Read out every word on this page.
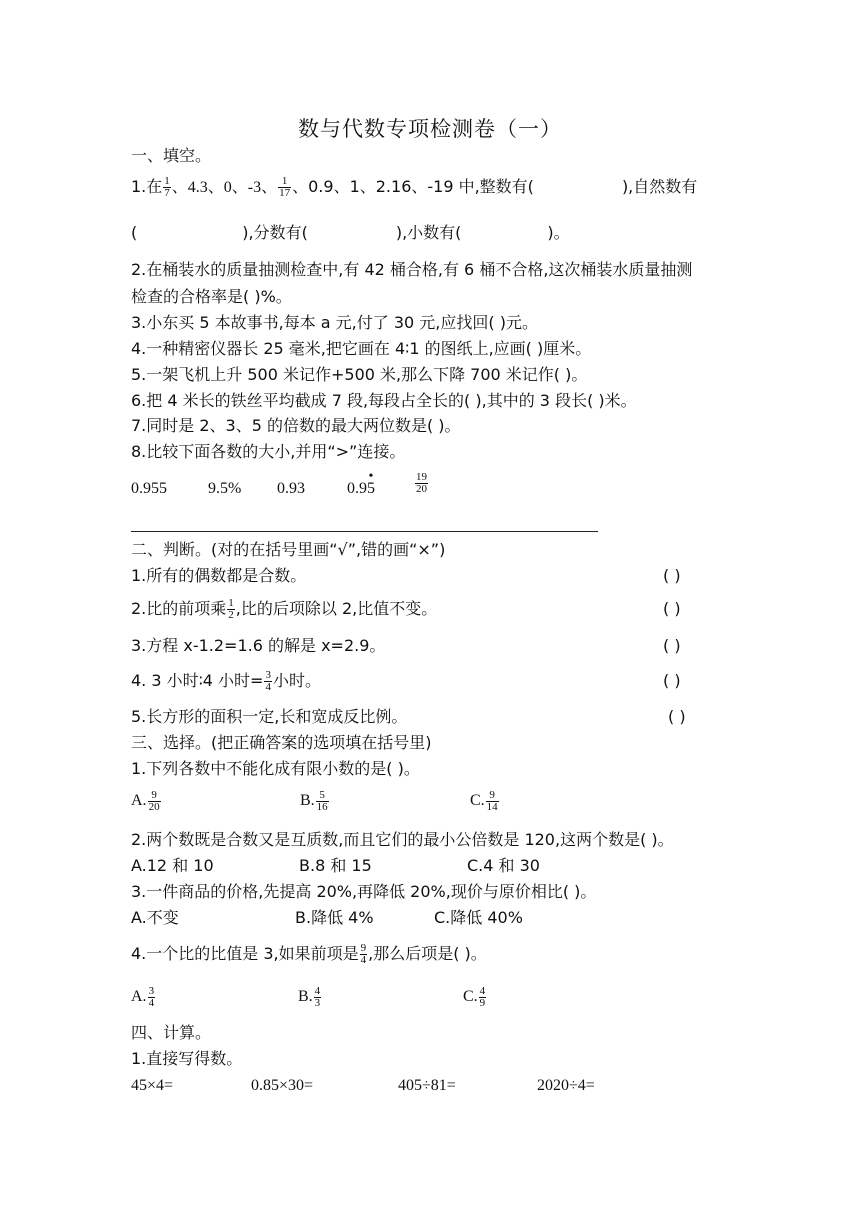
数与代数专项检测卷（一）
一、填空。
1.在 $\frac{1}{7}$ 、4.3、0、-3、 $\frac{1}{17}$ 、0.9、1、2.16、-19 中,整数有(	),自然数有
(	),分数有(	),小数有(	)。
2.在桶装水的质量抽测检查中,有 42 桶合格,有 6 桶不合格,这次桶装水质量抽测
检查的合格率是( )%。
3.小东买 5 本故事书,每本 a 元,付了 30 元,应找回( )元。
4.一种精密仪器长 25 毫米,把它画在 4∶1 的图纸上,应画( )厘米。
5.一架飞机上升 500 米记作+500 米,那么下降 700 米记作( )。
6.把 4 米长的铁丝平均截成 7 段,每段占全长的( ),其中的 3 段长( )米。
7.同时是 2、3、5 的倍数的最大两位数是( )。
8.比较下面各数的大小,并用“>”连接。
0.955	9.5% 0.93	0.9
•
5	$\frac{19}{20}$
二、判断。(对的在括号里画“√”,错的画“×”)
1.所有的偶数都是合数。	( )
2.比的前项乘 $\frac{1}{2}$ ,比的后项除以 2,比值不变。	( )
3.方程 x-1.2=1.6 的解是 x=2.9。	( )
4. 3 小时∶4 小时= $\frac{3}{4}$ 小时。	( )
5.长方形的面积一定,长和宽成反比例。	( )
三、选择。(把正确答案的选项填在括号里)
1.下列各数中不能化成有限小数的是( )。
A. $\frac{9}{20}$	B. $\frac{5}{16}$	C. $\frac{9}{14}$
2.两个数既是合数又是互质数,而且它们的最小公倍数是 120,这两个数是( )。
A.12 和 10	B.8 和 15	C.4 和 30
3.一件商品的价格,先提高 20%,再降低 20%,现价与原价相比( )。
A.不变	B.降低 4%	C.降低 40%
4.一个比的比值是 3,如果前项是 $\frac{9}{4}$ ,那么后项是( )。
A. $\frac{3}{4}$	B. $\frac{4}{3}$	C. $\frac{4}{9}$
四、计算。
1.直接写得数。
45×4=	0.85×30=	405÷81=	2020÷4=
